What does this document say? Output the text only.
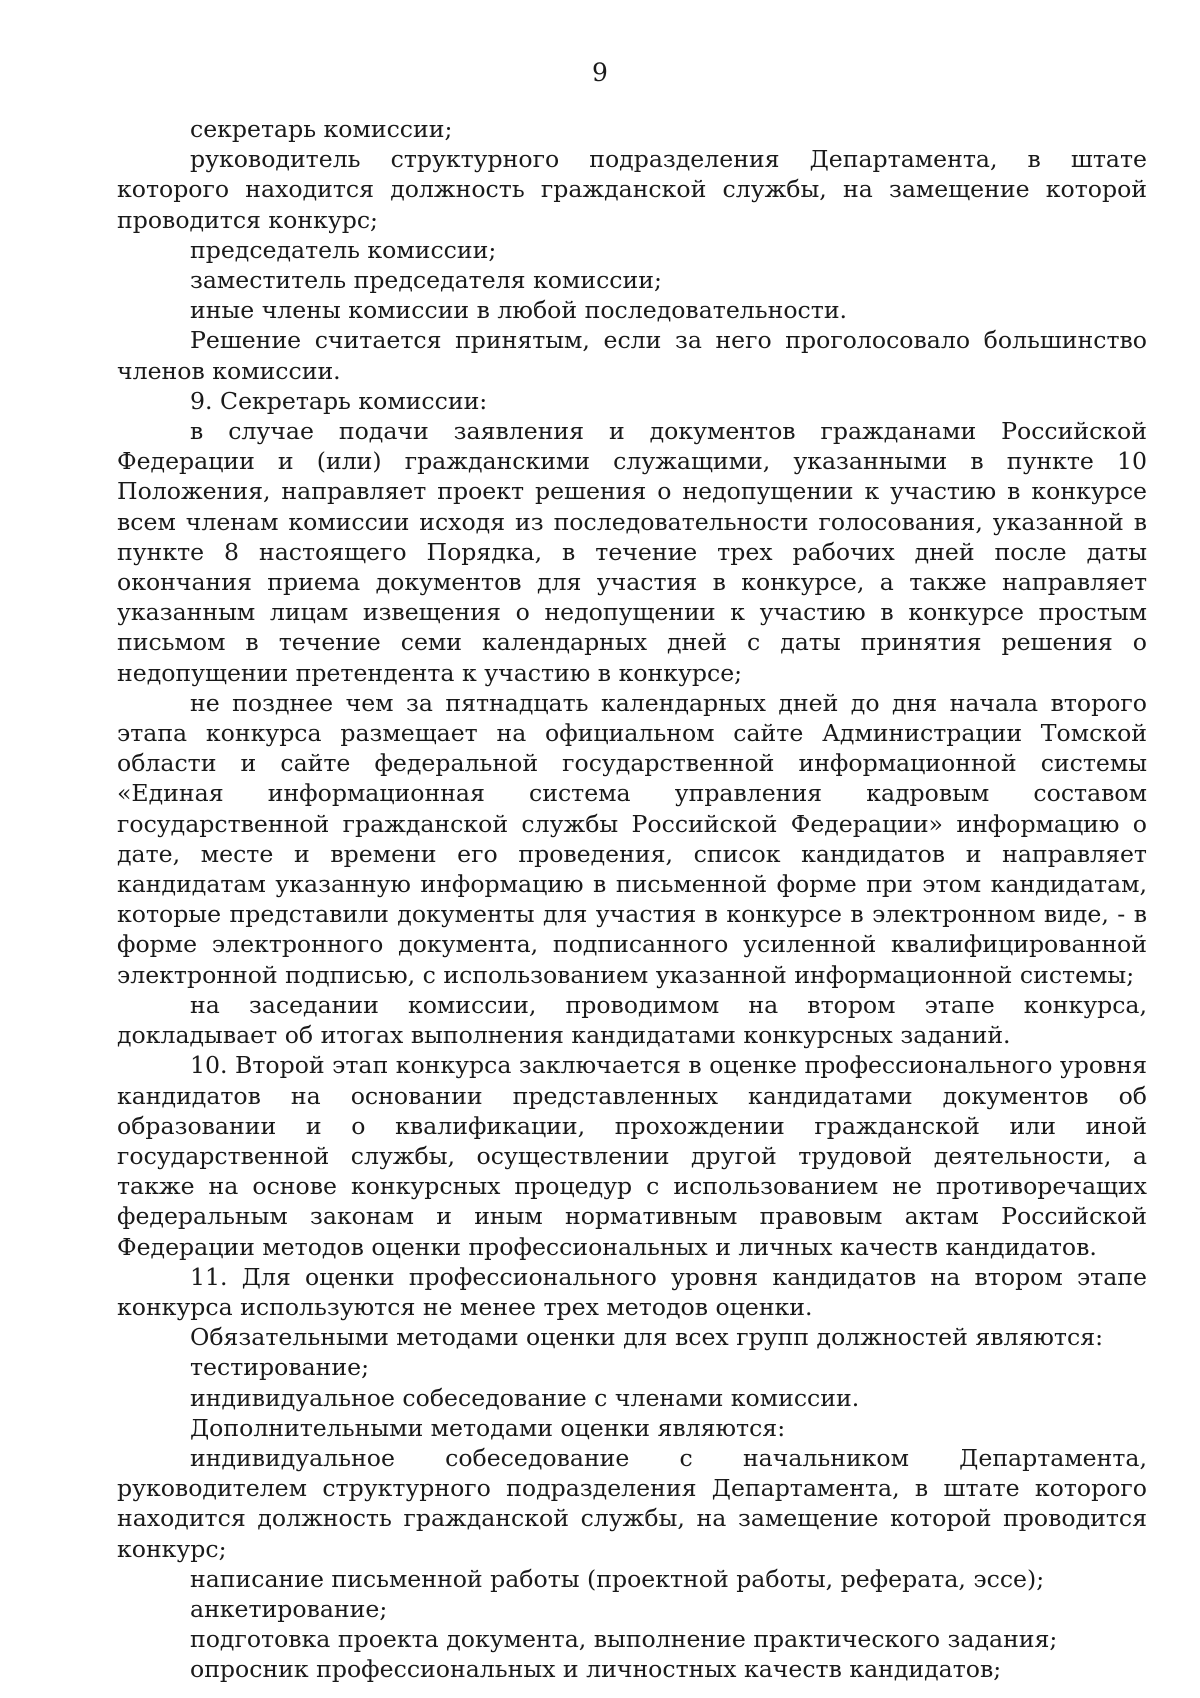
9

секретарь комиссии;

руководитель структурного подразделения Департамента, в штате которого находится должность гражданской службы, на замещение которой проводится конкурс;

председатель комиссии;

заместитель председателя комиссии;

иные члены комиссии в любой последовательности.

Решение считается принятым, если за него проголосовало большинство членов комиссии.

9. Секретарь комиссии:

в случае подачи заявления и документов гражданами Российской Федерации и (или) гражданскими служащими, указанными в пункте 10 Положения, направляет проект решения о недопущении к участию в конкурсе всем членам комиссии исходя из последовательности голосования, указанной в пункте 8 настоящего Порядка, в течение трех рабочих дней после даты окончания приема документов для участия в конкурсе, а также направляет указанным лицам извещения о недопущении к участию в конкурсе простым письмом в течение семи календарных дней с даты принятия решения о недопущении претендента к участию в конкурсе;

не позднее чем за пятнадцать календарных дней до дня начала второго этапа конкурса размещает на официальном сайте Администрации Томской области и сайте федеральной государственной информационной системы «Единая информационная система управления кадровым составом государственной гражданской службы Российской Федерации» информацию о дате, месте и времени его проведения, список кандидатов и направляет кандидатам указанную информацию в письменной форме при этом кандидатам, которые представили документы для участия в конкурсе в электронном виде, - в форме электронного документа, подписанного усиленной квалифицированной электронной подписью, с использованием указанной информационной системы;

на заседании комиссии, проводимом на втором этапе конкурса, докладывает об итогах выполнения кандидатами конкурсных заданий.

10. Второй этап конкурса заключается в оценке профессионального уровня кандидатов на основании представленных кандидатами документов об образовании и о квалификации, прохождении гражданской или иной государственной службы, осуществлении другой трудовой деятельности, а также на основе конкурсных процедур с использованием не противоречащих федеральным законам и иным нормативным правовым актам Российской Федерации методов оценки профессиональных и личных качеств кандидатов.

11. Для оценки профессионального уровня кандидатов на втором этапе конкурса используются не менее трех методов оценки.

Обязательными методами оценки для всех групп должностей являются:

тестирование;

индивидуальное собеседование с членами комиссии.

Дополнительными методами оценки являются:

индивидуальное собеседование с начальником Департамента, руководителем структурного подразделения Департамента, в штате которого находится должность гражданской службы, на замещение которой проводится конкурс;

написание письменной работы (проектной работы, реферата, эссе);

анкетирование;

подготовка проекта документа, выполнение практического задания;

опросник профессиональных и личностных качеств кандидатов;
